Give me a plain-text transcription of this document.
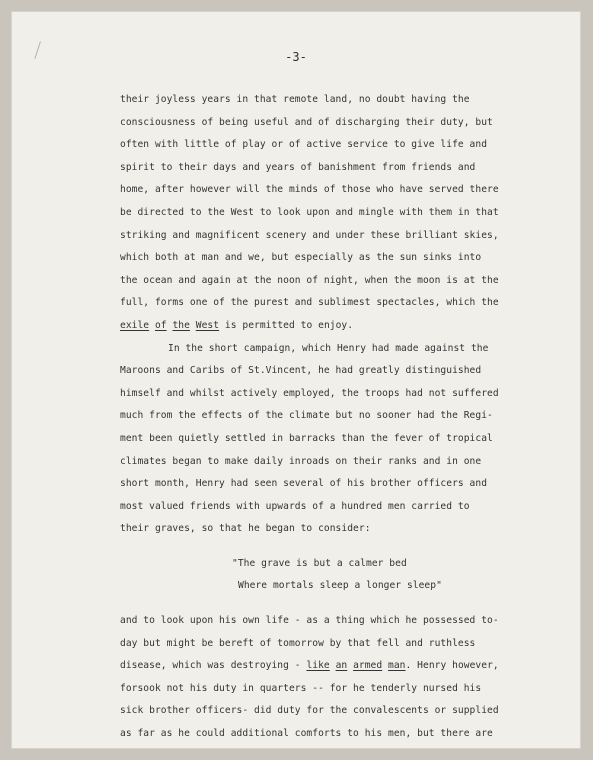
-3-
their joyless years in that remote land, no doubt having the
consciousness of being useful and of discharging their duty, but
often with little of play or of active service to give life and
spirit to their days and years of banishment from friends and
home, after however will the minds of those who have served there
be directed to the West to look upon and mingle with them in that
striking and magnificent scenery and under these brilliant skies,
which both at man and we, but especially as the sun sinks into
the ocean and again at the noon of night, when the moon is at the
full, forms one of the purest and sublimest spectacles, which the
exile of the West is permitted to enjoy.
In the short campaign, which Henry had made against the
Maroons and Caribs of St.Vincent, he had greatly distinguished
himself and whilst actively employed, the troops had not suffered
much from the effects of the climate but no sooner had the Regi-
ment been quietly settled in barracks than the fever of tropical
climates began to make daily inroads on their ranks and in one
short month, Henry had seen several of his brother officers and
most valued friends with upwards of a hundred men carried to
their graves, so that he began to consider:
"The grave is but a calmer bed
Where mortals sleep a longer sleep"
and to look upon his own life - as a thing which he possessed to-
day but might be bereft of tomorrow by that fell and ruthless
disease, which was destroying - like an armed man. Henry however,
forsook not his duty in quarters -- for he tenderly nursed his
sick brother officers- did duty for the convalescents or supplied
as far as he could additional comforts to his men, but there are
